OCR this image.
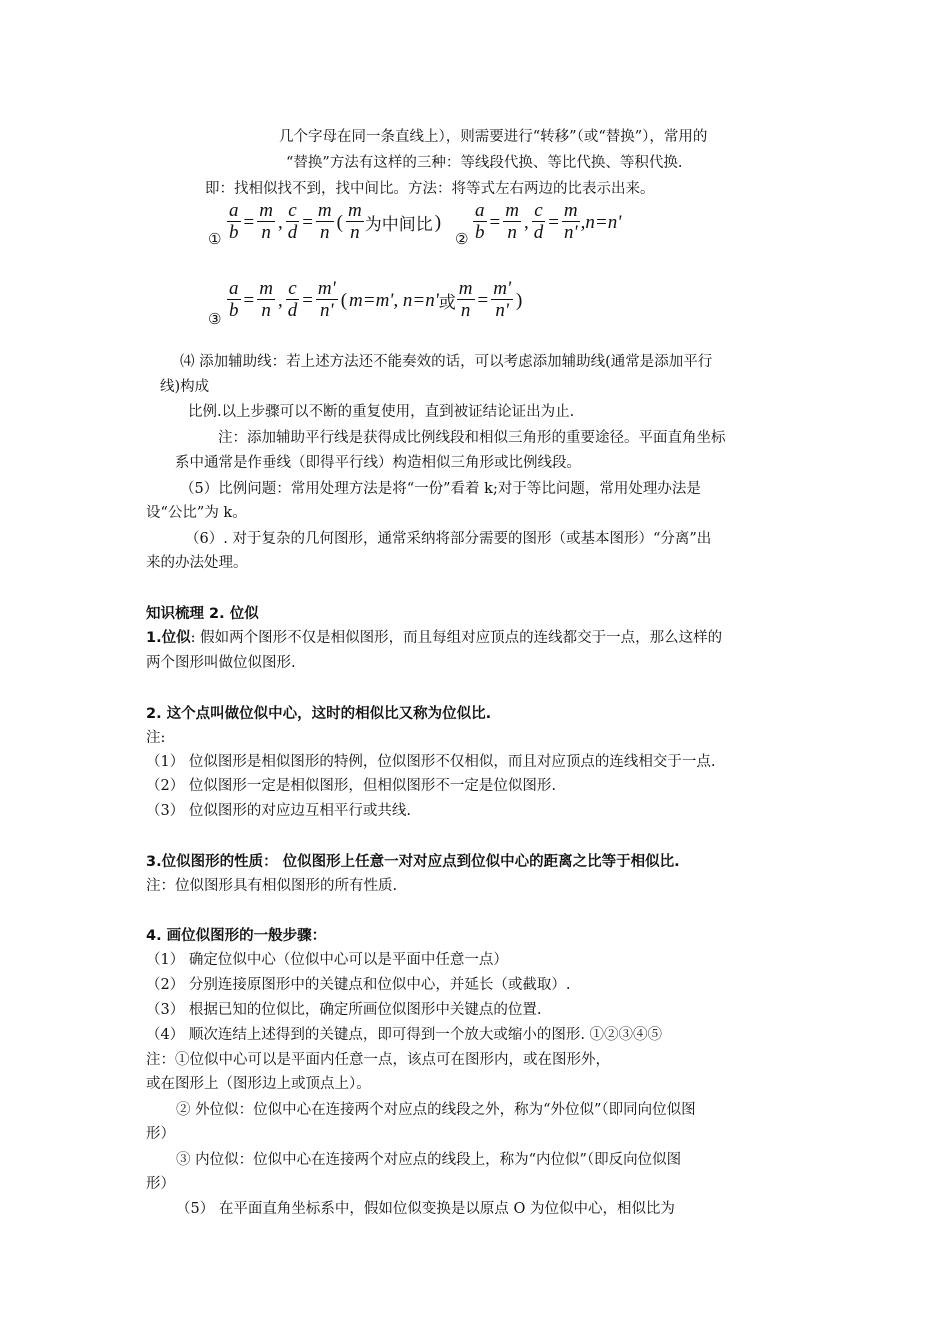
几个字母在同一条直线上），则需要进行“转移”（或“替换”），常用的
“替换”方法有这样的三种：等线段代换、等比代换、等积代换.
即：找相似找不到，找中间比。方法：将等式左右两边的比表示出来。
① $\frac{a}{b} = \frac{m}{n}$ , $\frac{c}{d} = \frac{m}{n}$ ( $\frac{m}{n}$ 为中间比 )
② $\frac{a}{b} = \frac{m}{n}$ , $\frac{c}{d} = \frac{m}{n'} ,n=n'$
③ $\frac{a}{b} = \frac{m}{n}$ , $\frac{c}{d} = \frac{m'}{n'}$ ( m=m', n=n' 或 $\frac{m}{n} = \frac{m'}{n'}$ )
⑷ 添加辅助线：若上述方法还不能奏效的话，可以考虑添加辅助线(通常是添加平行
线)构成
比例.以上步骤可以不断的重复使用，直到被证结论证出为止.
注：添加辅助平行线是获得成比例线段和相似三角形的重要途径。平面直角坐标
系中通常是作垂线（即得平行线）构造相似三角形或比例线段。
（5）比例问题：常用处理方法是将“一份”看着 k;对于等比问题，常用处理办法是
设“公比”为 k。
（6）. 对于复杂的几何图形，通常采纳将部分需要的图形（或基本图形）“分离”出
来的办法处理。
知识梳理 2. 位似
1.位似: 假如两个图形不仅是相似图形，而且每组对应顶点的连线都交于一点，那么这样的
两个图形叫做位似图形.
2. 这个点叫做位似中心，这时的相似比又称为位似比.
注:
（1） 位似图形是相似图形的特例，位似图形不仅相似，而且对应顶点的连线相交于一点.
（2） 位似图形一定是相似图形，但相似图形不一定是位似图形.
（3） 位似图形的对应边互相平行或共线.
3.位似图形的性质： 位似图形上任意一对对应点到位似中心的距离之比等于相似比.
注：位似图形具有相似图形的所有性质.
4. 画位似图形的一般步骤：
（1） 确定位似中心（位似中心可以是平面中任意一点）
（2） 分别连接原图形中的关键点和位似中心，并延长（或截取）.
（3） 根据已知的位似比，确定所画位似图形中关键点的位置.
（4） 顺次连结上述得到的关键点，即可得到一个放大或缩小的图形. ①②③④⑤
注：①位似中心可以是平面内任意一点，该点可在图形内，或在图形外，
或在图形上（图形边上或顶点上）。
② 外位似：位似中心在连接两个对应点的线段之外，称为“外位似”（即同向位似图
形）
③ 内位似：位似中心在连接两个对应点的线段上，称为“内位似”（即反向位似图
形）
（5） 在平面直角坐标系中，假如位似变换是以原点 O 为位似中心，相似比为
